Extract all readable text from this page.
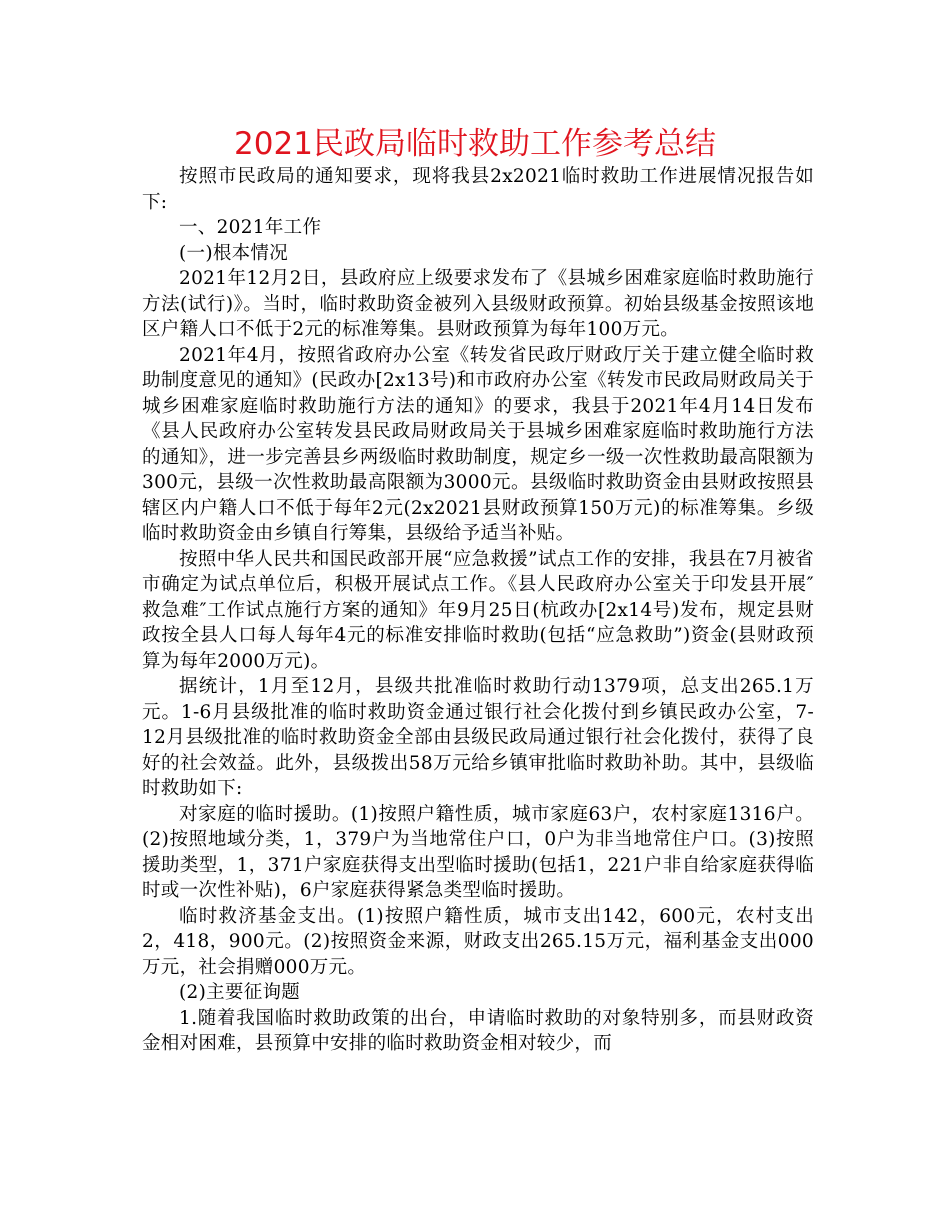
2021民政局临时救助工作参考总结

按照市民政局的通知要求，现将我县2x2021临时救助工作进展情况报告如下:

一、2021年工作

(一)根本情况

2021年12月2日，县政府应上级要求发布了《县城乡困难家庭临时救助施行方法(试行)》。当时，临时救助资金被列入县级财政预算。初始县级基金按照该地区户籍人口不低于2元的标准筹集。县财政预算为每年100万元。

2021年4月，按照省政府办公室《转发省民政厅财政厅关于建立健全临时救助制度意见的通知》(民政办[2x13号)和市政府办公室《转发市民政局财政局关于城乡困难家庭临时救助施行方法的通知》的要求，我县于2021年4月14日发布《县人民政府办公室转发县民政局财政局关于县城乡困难家庭临时救助施行方法的通知》，进一步完善县乡两级临时救助制度，规定乡一级一次性救助最高限额为300元，县级一次性救助最高限额为3000元。县级临时救助资金由县财政按照县辖区内户籍人口不低于每年2元(2x2021县财政预算150万元)的标准筹集。乡级临时救助资金由乡镇自行筹集，县级给予适当补贴。

按照中华人民共和国民政部开展“应急救援”试点工作的安排，我县在7月被省市确定为试点单位后，积极开展试点工作。《县人民政府办公室关于印发县开展″救急难″工作试点施行方案的通知》年9月25日(杭政办[2x14号)发布，规定县财政按全县人口每人每年4元的标准安排临时救助(包括“应急救助”)资金(县财政预算为每年2000万元)。

据统计，1月至12月，县级共批准临时救助行动1379项，总支出265.1万元。1-6月县级批准的临时救助资金通过银行社会化拨付到乡镇民政办公室，7-12月县级批准的临时救助资金全部由县级民政局通过银行社会化拨付，获得了良好的社会效益。此外，县级拨出58万元给乡镇审批临时救助补助。其中，县级临时救助如下:

对家庭的临时援助。(1)按照户籍性质，城市家庭63户，农村家庭1316户。(2)按照地域分类，1，379户为当地常住户口，0户为非当地常住户口。(3)按照援助类型，1，371户家庭获得支出型临时援助(包括1，221户非自给家庭获得临时或一次性补贴)，6户家庭获得紧急类型临时援助。

临时救济基金支出。(1)按照户籍性质，城市支出142，600元，农村支出2，418，900元。(2)按照资金来源，财政支出265.15万元，福利基金支出000万元，社会捐赠000万元。

(2)主要征询题

1.随着我国临时救助政策的出台，申请临时救助的对象特别多，而县财政资金相对困难，县预算中安排的临时救助资金相对较少，而
